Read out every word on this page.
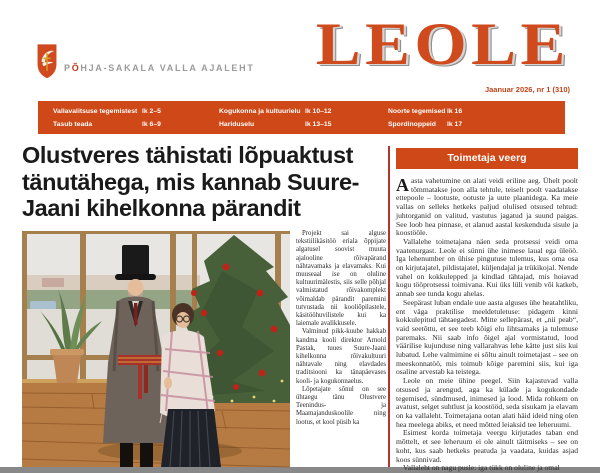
PÕHJA-SAKALA VALLA AJALEHT LEOLE
Jaanuar 2026, nr 1 (310)
Vallavalitsuse tegemistest lk 2–5	Kogukonna ja kultuurielu lk 10–12	Noorte tegemised lk 16
Tasub teada	lk 6–9	Hariduselu	lk 13–15	Spordinoppeid	lk 17
Olustveres tähistati lõpuaktust tänutähega, mis kannab Suure-Jaani kihelkonna pärandit

Projekt sai alguse tekstiilikäsitöö eriala õppijate algatusel soovist muuta ajalooline rõivapärand nähtavamaks ja elavamaks. Kui muuseaal ise on oluline kultuurimälestis, siis selle põhjal valmistatud rõivakomplekt võimaldab pärandit paremini tutvustada nii kooliõpilastele, käsitööhuvilistele kui ka laiemale avalikkusele.

Valminud pikk-kuube hakkab kandma kooli direktor Arnold Pastak, tuues Suure-Jaani kihelkonna rõivakultuuri nähtavale ning elavdades traditsiooni ka tänapäevases kooli- ja kogukonnaelus.

Lõpetajate sõnul on see ühtaegu tänu Olustvere Teenindus- ja Maamajanduskoolile ning lootus, et kool püsib ka

Toimetaja veerg

Aasta vahetumine on alati veidi eriline aeg. Ühelt poolt tõmmatakse joon alla tehtule, teiselt poolt vaadatakse ettepoole – lootuste, ootuste ja uute plaanidega. Ka meie vallas on selleks hetkeks paljud olulised otsused tehtud: juhtorganid on valitud, vastutus jagatud ja suund paigas. See loob hea pinnase, et alanud aastal keskenduda sisule ja koostööle.

Vallalehe toimetajana näen seda protsessi veidi oma vaatenurgast. Leole ei sünni ühe inimese laual ega üleöö. Iga lehenumber on ühise pingutuse tulemus, kus oma osa on kirjutajatel, pildistajatel, küljendajal ja trükikojal. Nende vahel on kokkulepped ja kindlad tähtajad, mis hoiavad kogu tööprotsessi toimivana. Kui üks lüli venib või katkeb, annab see tunda kogu ahelas.

Seepärast luban endale uue aasta alguses ühe heatahtliku, ent väga praktilise meeldetuletuse: pidagem kinni kokkulepitud tähtaegadest. Mitte sellepärast, et „nii peab“, vaid seetõttu, et see teeb kõigi elu lihtsamaks ja tulemuse paremaks. Nii saab info õigel ajal vormistatud, lood väärilise kujunduse ning vallarahvas lehe kätte just siis kui lubatud. Lehe valmimine ei sõltu ainult toimetajast – see on meeskonnatöö, mis toimub kõige paremini siis, kui iga osaline arvestab ka teistega.

Leole on meie ühine peegel. Siin kajastuvad valla otsused ja arengud, aga ka külade ja kogukondade tegemised, sündmused, inimesed ja lood. Mida rohkem on avatust, selget suhtlust ja koostööd, seda sisukam ja elavam on ka vallaleht. Toimetajana ootan alati häid ideid ning olen hea meelega abiks, et need mõtted leiaksid tee leheruumi.

Esimest korda toimetaja veergu kirjutades taban end mõttelt, et see leheruum ei ole ainult täitmiseks – see on koht, kus saab hetkeks peatuda ja vaadata, kuidas asjad koos sünnivad.

Vallaleht on nagu pusle: iga tükk on oluline ja omal
